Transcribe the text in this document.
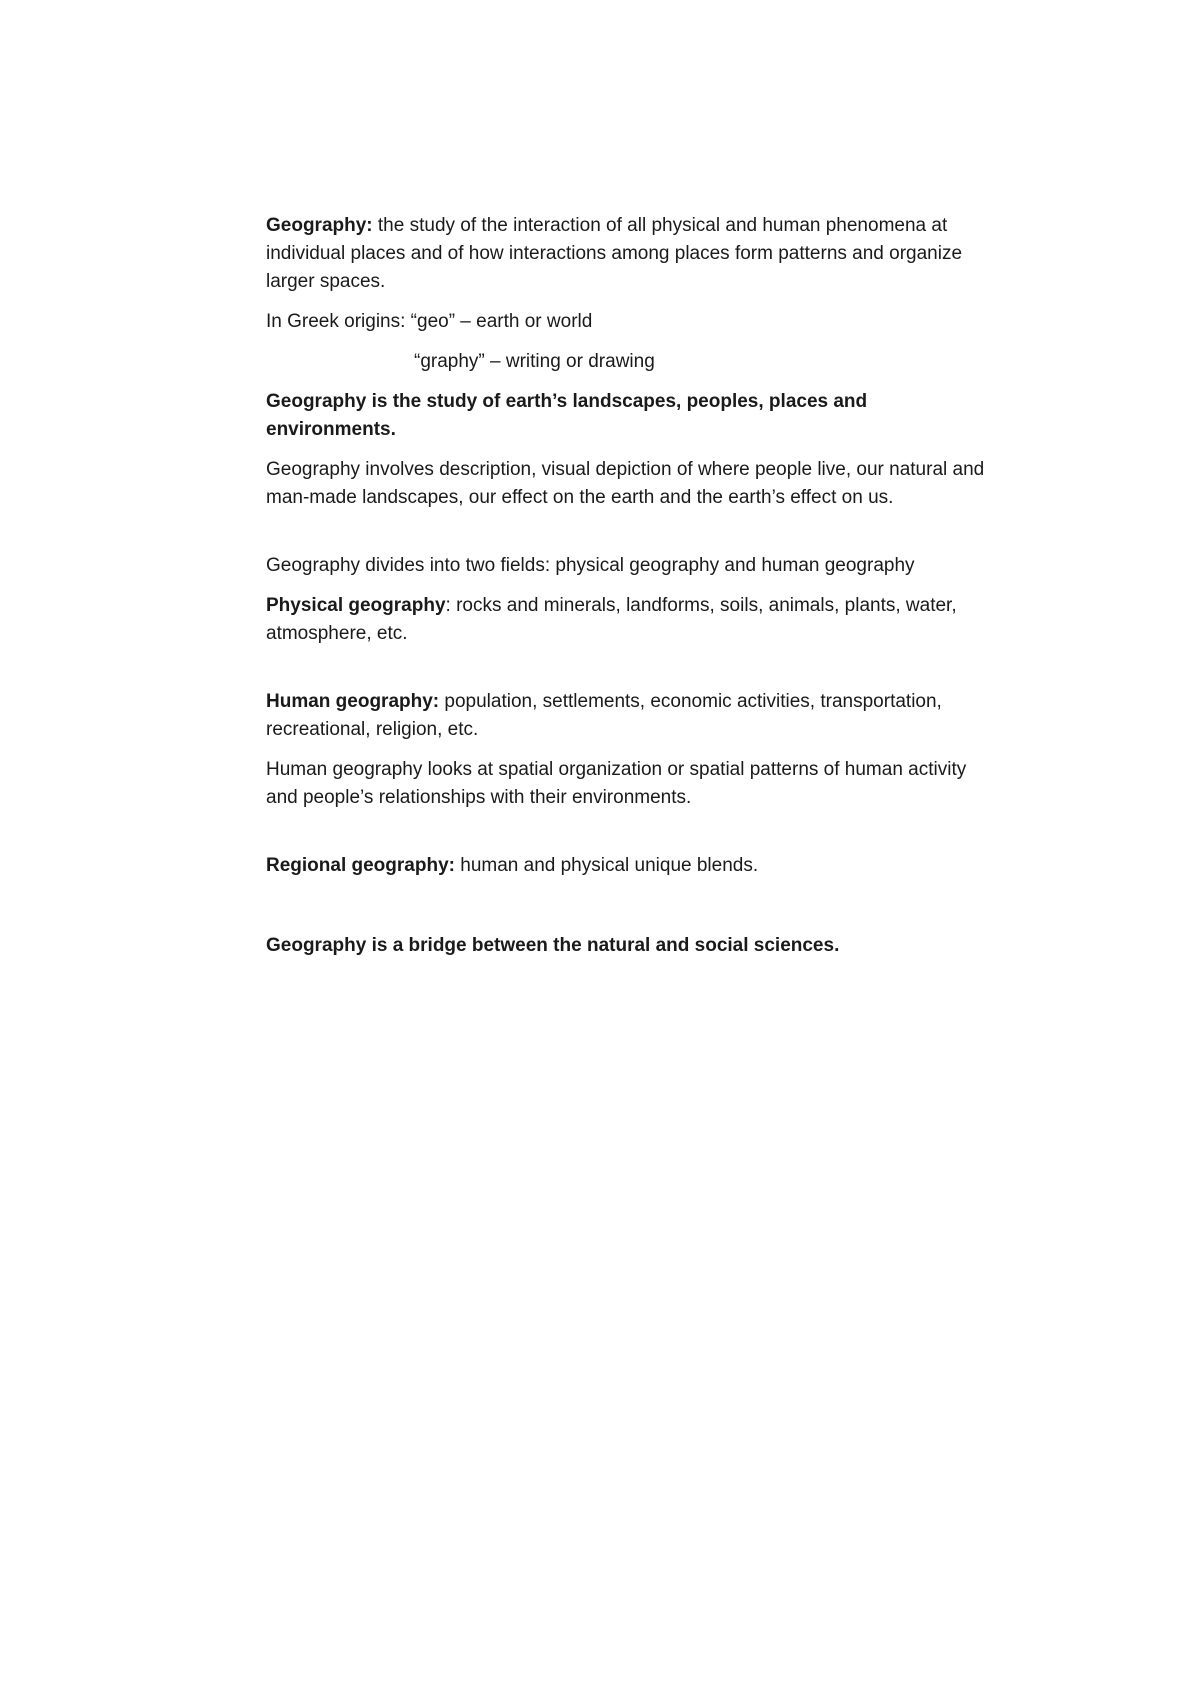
Geography: the study of the interaction of all physical and human phenomena at individual places and of how interactions among places form patterns and organize larger spaces.

In Greek origins: “geo” – earth or world

“graphy” – writing or drawing

Geography is the study of earth’s landscapes, peoples, places and environments.

Geography involves description, visual depiction of where people live, our natural and man-made landscapes, our effect on the earth and the earth’s effect on us.

Geography divides into two fields: physical geography and human geography

Physical geography: rocks and minerals, landforms, soils, animals, plants, water, atmosphere, etc.

Human geography: population, settlements, economic activities, transportation, recreational, religion, etc.

Human geography looks at spatial organization or spatial patterns of human activity and people’s relationships with their environments.

Regional geography: human and physical unique blends.

Geography is a bridge between the natural and social sciences.
